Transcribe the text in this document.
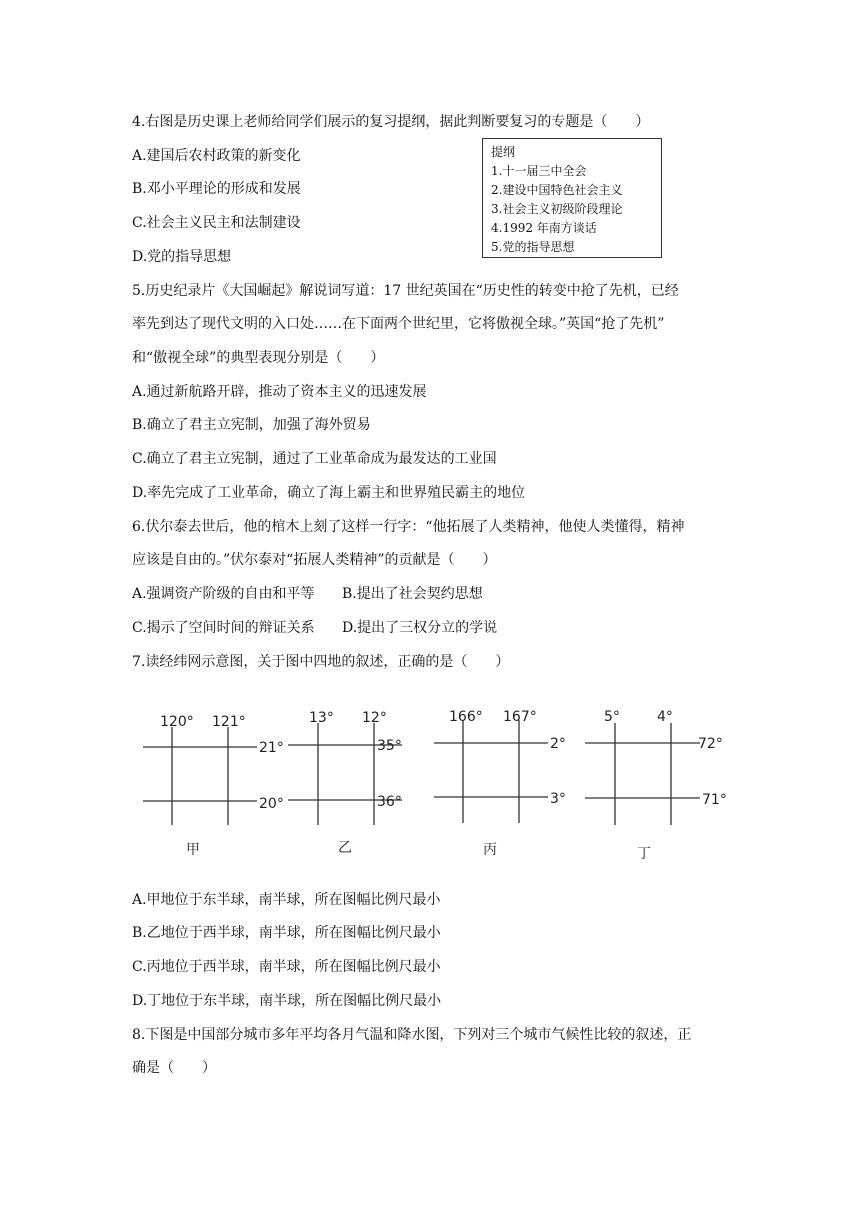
4.右图是历史课上老师给同学们展示的复习提纲，据此判断要复习的专题是（　　）
A.建国后农村政策的新变化
B.邓小平理论的形成和发展
C.社会主义民主和法制建设
D.党的指导思想
提纲
1.十一届三中全会
2.建设中国特色社会主义
3.社会主义初级阶段理论
4.1992 年南方谈话
5.党的指导思想
5.历史纪录片《大国崛起》解说词写道：17 世纪英国在“历史性的转变中抢了先机，已经
率先到达了现代文明的入口处……在下面两个世纪里，它将傲视全球。”英国“抢了先机”
和“傲视全球”的典型表现分别是（　　）
A.通过新航路开辟，推动了资本主义的迅速发展
B.确立了君主立宪制，加强了海外贸易
C.确立了君主立宪制，通过了工业革命成为最发达的工业国
D.率先完成了工业革命，确立了海上霸主和世界殖民霸主的地位
6.伏尔泰去世后，他的棺木上刻了这样一行字：“他拓展了人类精神，他使人类懂得，精神
应该是自由的。”伏尔泰对“拓展人类精神”的贡献是（　　）
A.强调资产阶级的自由和平等 B.提出了社会契约思想
C.揭示了空间时间的辩证关系 D.提出了三权分立的学说
7.读经纬网示意图，关于图中四地的叙述，正确的是（　　）
120° 121°
21°
20°
甲
13° 12°
35°
36°
乙
166° 167°
2°
3°
丙
5°	4°
72°
71°
丁
A.甲地位于东半球，南半球，所在图幅比例尺最小
B.乙地位于西半球，南半球，所在图幅比例尺最小
C.丙地位于西半球，南半球，所在图幅比例尺最小
D.丁地位于东半球，南半球，所在图幅比例尺最小
8.下图是中国部分城市多年平均各月气温和降水图，下列对三个城市气候性比较的叙述，正
确是（　　）
